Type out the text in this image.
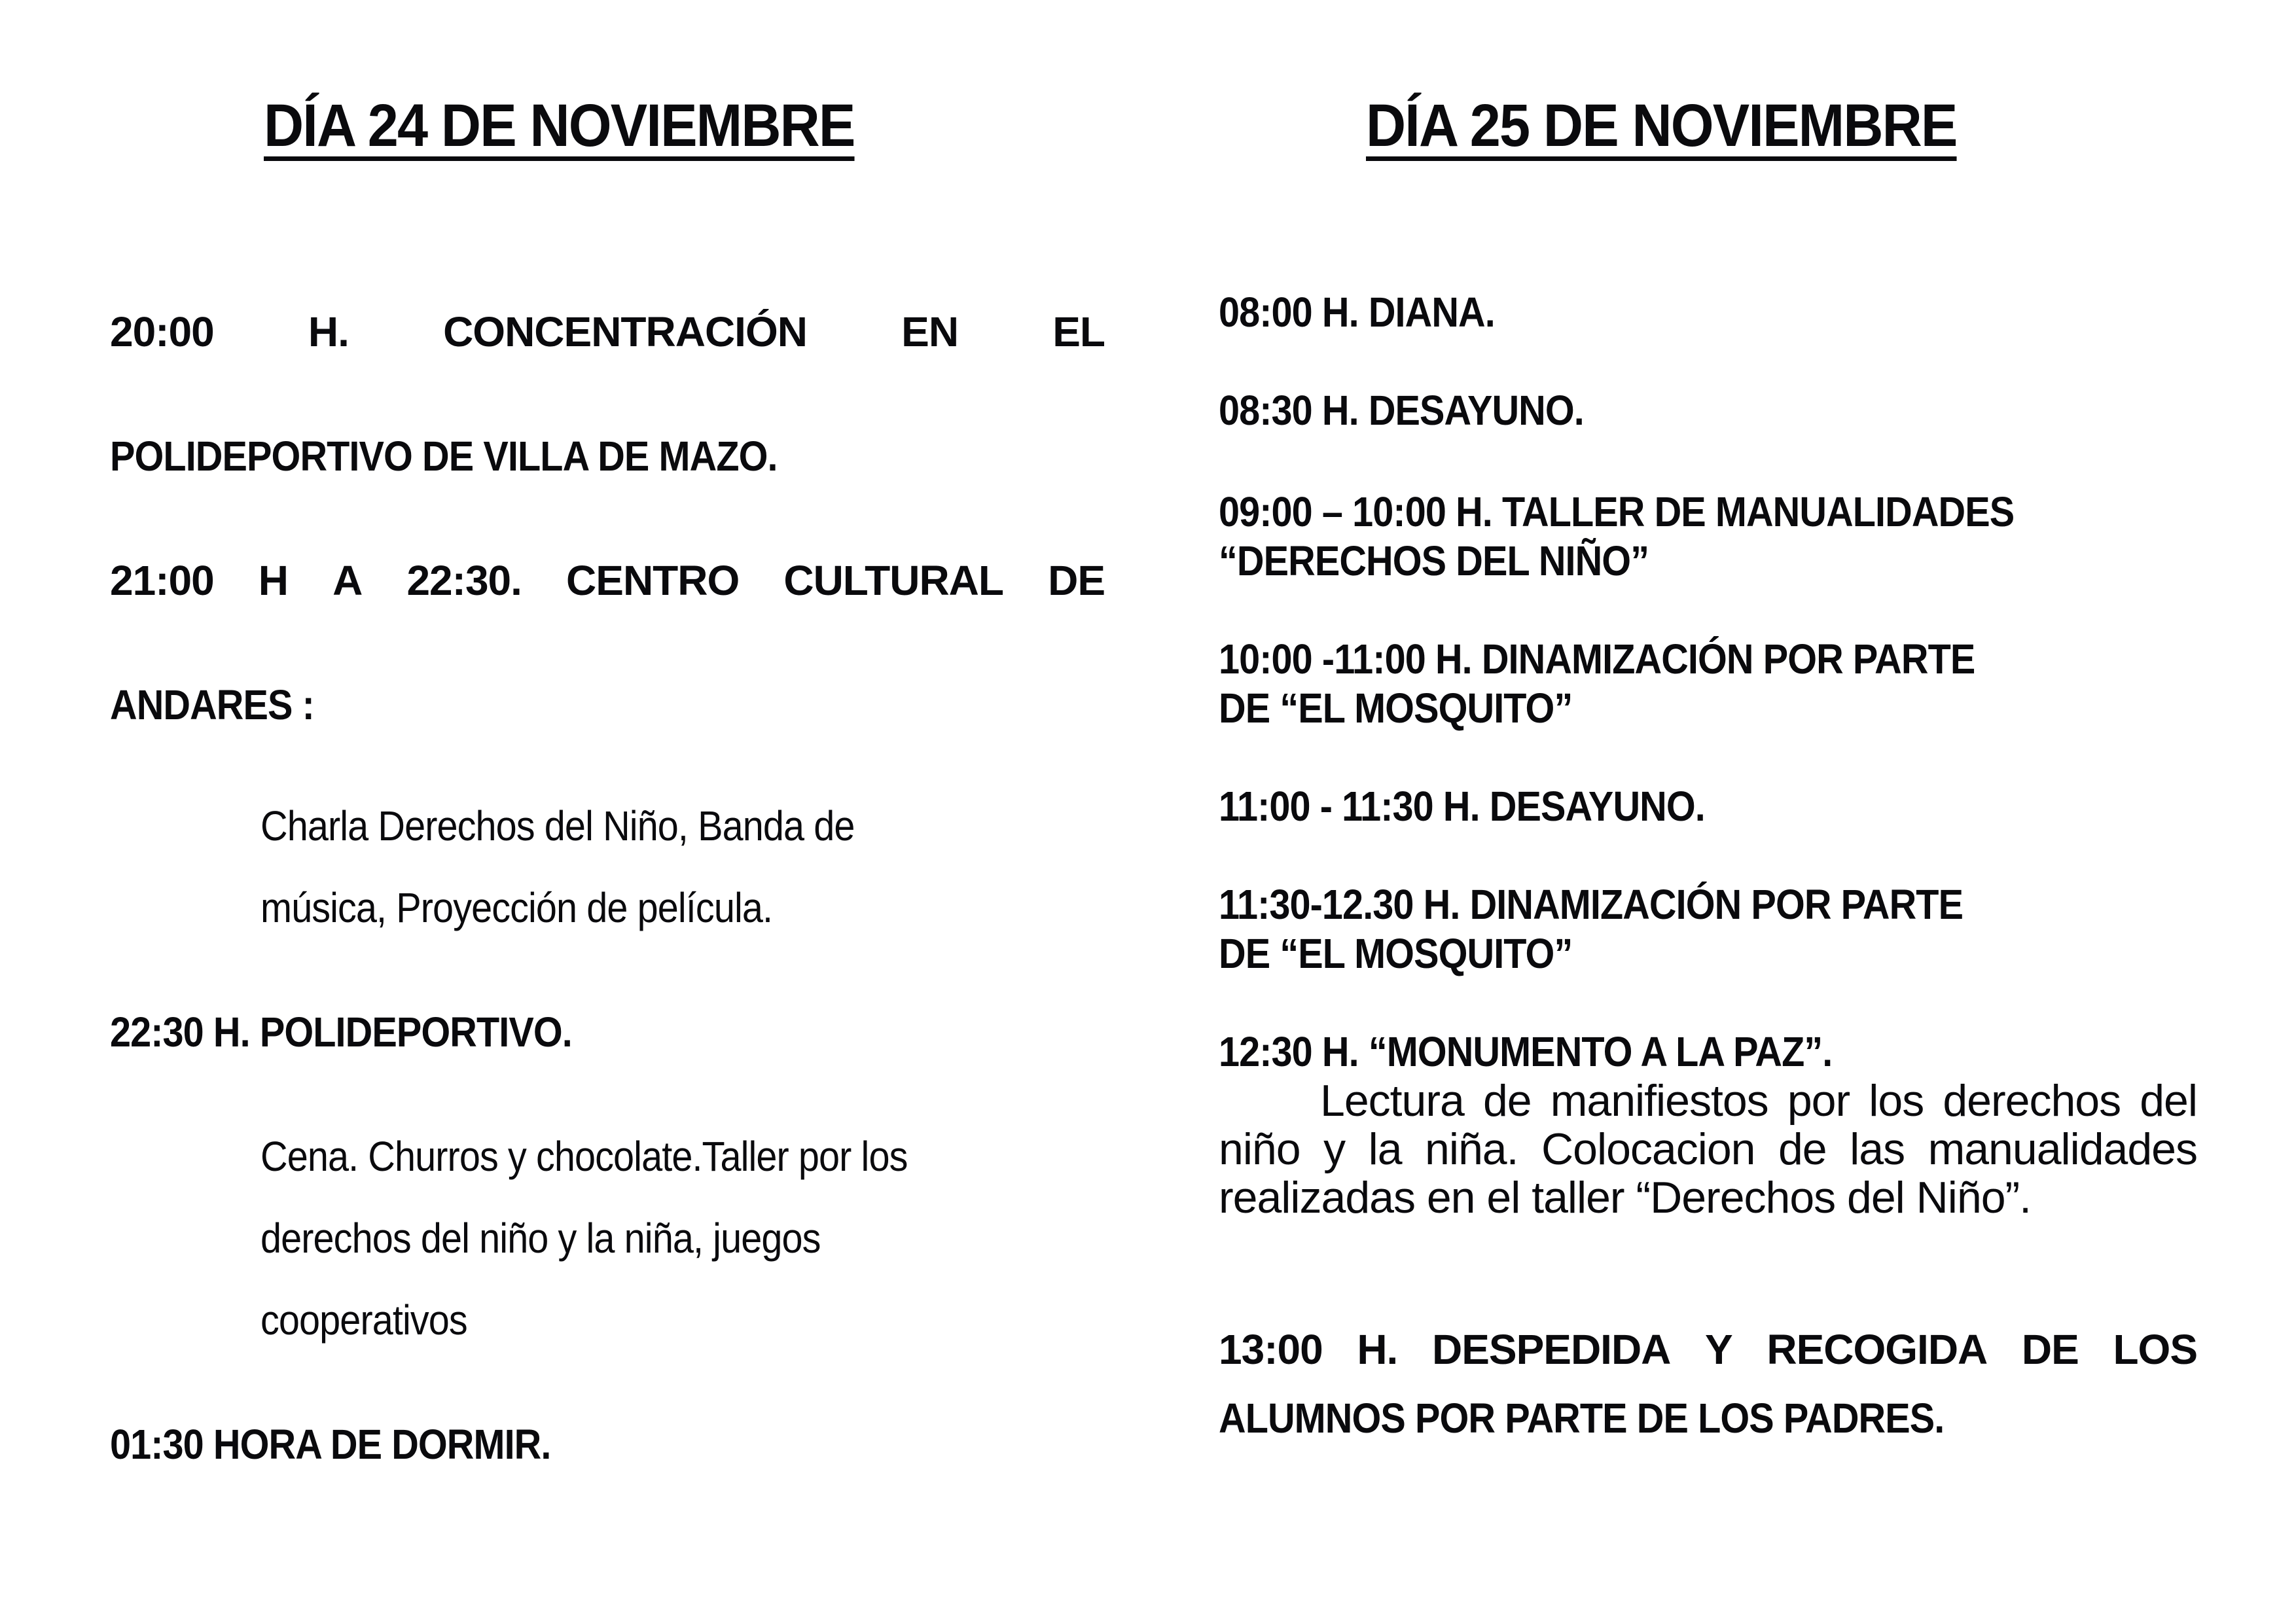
DÍA 24 DE NOVIEMBRE
20:00 H. CONCENTRACIÓN EN EL
POLIDEPORTIVO DE VILLA DE MAZO.
21:00 H A 22:30. CENTRO CULTURAL DE
ANDARES :
Charla Derechos del Niño, Banda de
música, Proyección de película.
22:30 H. POLIDEPORTIVO.
Cena. Churros y chocolate.Taller por los
derechos del niño y la niña, juegos
cooperativos
01:30 HORA DE DORMIR.
DÍA 25 DE NOVIEMBRE
08:00 H. DIANA.
08:30 H. DESAYUNO.
09:00 – 10:00 H. TALLER DE MANUALIDADES
“DERECHOS DEL NIÑO”
10:00 -11:00 H. DINAMIZACIÓN POR PARTE
DE “EL MOSQUITO”
11:00 - 11:30 H. DESAYUNO.
11:30-12.30 H. DINAMIZACIÓN POR PARTE
DE “EL MOSQUITO”
12:30 H. “MONUMENTO A LA PAZ”.
Lectura de manifiestos por los derechos del niño y la niña. Colocacion de las manualidades realizadas en el taller “Derechos del Niño”.
13:00 H. DESPEDIDA Y RECOGIDA DE LOS
ALUMNOS POR PARTE DE LOS PADRES.
